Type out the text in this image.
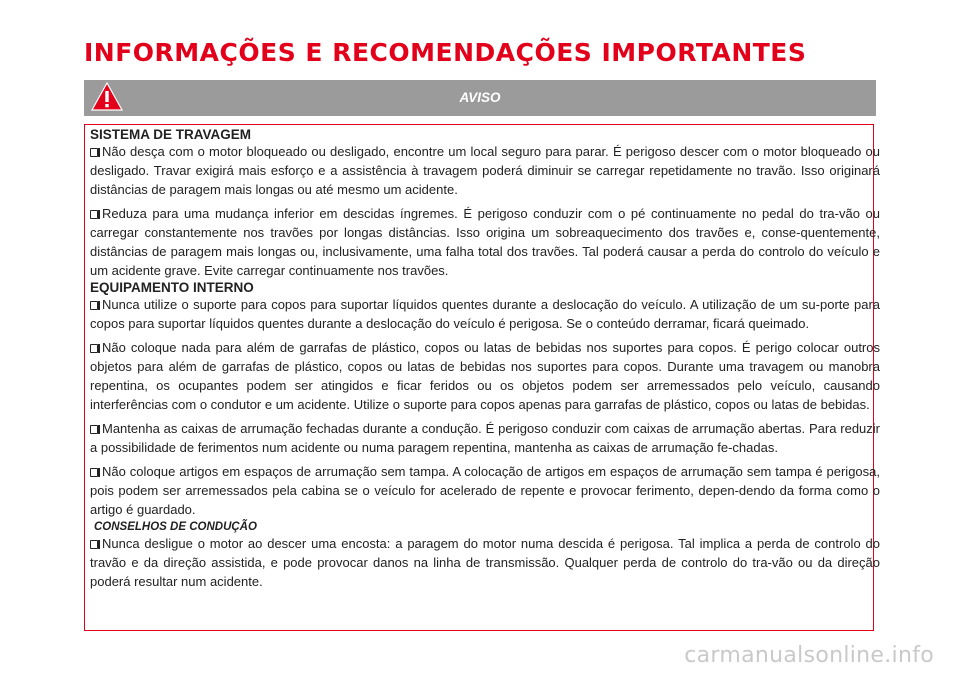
INFORMAÇÕES E RECOMENDAÇÕES IMPORTANTES
AVISO
SISTEMA DE TRAVAGEM

Não desça com o motor bloqueado ou desligado, encontre um local seguro para parar. É perigoso descer com o motor bloqueado ou desligado. Travar exigirá mais esforço e a assistência à travagem poderá diminuir se carregar repetidamente no travão. Isso originará distâncias de paragem mais longas ou até mesmo um acidente.

Reduza para uma mudança inferior em descidas íngremes. É perigoso conduzir com o pé continuamente no pedal do tra-vão ou carregar constantemente nos travões por longas distâncias. Isso origina um sobreaquecimento dos travões e, conse-quentemente, distâncias de paragem mais longas ou, inclusivamente, uma falha total dos travões. Tal poderá causar a perda do controlo do veículo e um acidente grave. Evite carregar continuamente nos travões.

EQUIPAMENTO INTERNO

Nunca utilize o suporte para copos para suportar líquidos quentes durante a deslocação do veículo. A utilização de um su-porte para copos para suportar líquidos quentes durante a deslocação do veículo é perigosa. Se o conteúdo derramar, ficará queimado.

Não coloque nada para além de garrafas de plástico, copos ou latas de bebidas nos suportes para copos. É perigo colocar outros objetos para além de garrafas de plástico, copos ou latas de bebidas nos suportes para copos. Durante uma travagem ou manobra repentina, os ocupantes podem ser atingidos e ficar feridos ou os objetos podem ser arremessados pelo veículo, causando interferências com o condutor e um acidente. Utilize o suporte para copos apenas para garrafas de plástico, copos ou latas de bebidas.

Mantenha as caixas de arrumação fechadas durante a condução. É perigoso conduzir com caixas de arrumação abertas. Para reduzir a possibilidade de ferimentos num acidente ou numa paragem repentina, mantenha as caixas de arrumação fe-chadas.

Não coloque artigos em espaços de arrumação sem tampa. A colocação de artigos em espaços de arrumação sem tampa é perigosa, pois podem ser arremessados pela cabina se o veículo for acelerado de repente e provocar ferimento, depen-dendo da forma como o artigo é guardado.

CONSELHOS DE CONDUÇÃO

Nunca desligue o motor ao descer uma encosta: a paragem do motor numa descida é perigosa. Tal implica a perda de controlo do travão e da direção assistida, e pode provocar danos na linha de transmissão. Qualquer perda de controlo do tra-vão ou da direção poderá resultar num acidente.

carmanualsonline.info
